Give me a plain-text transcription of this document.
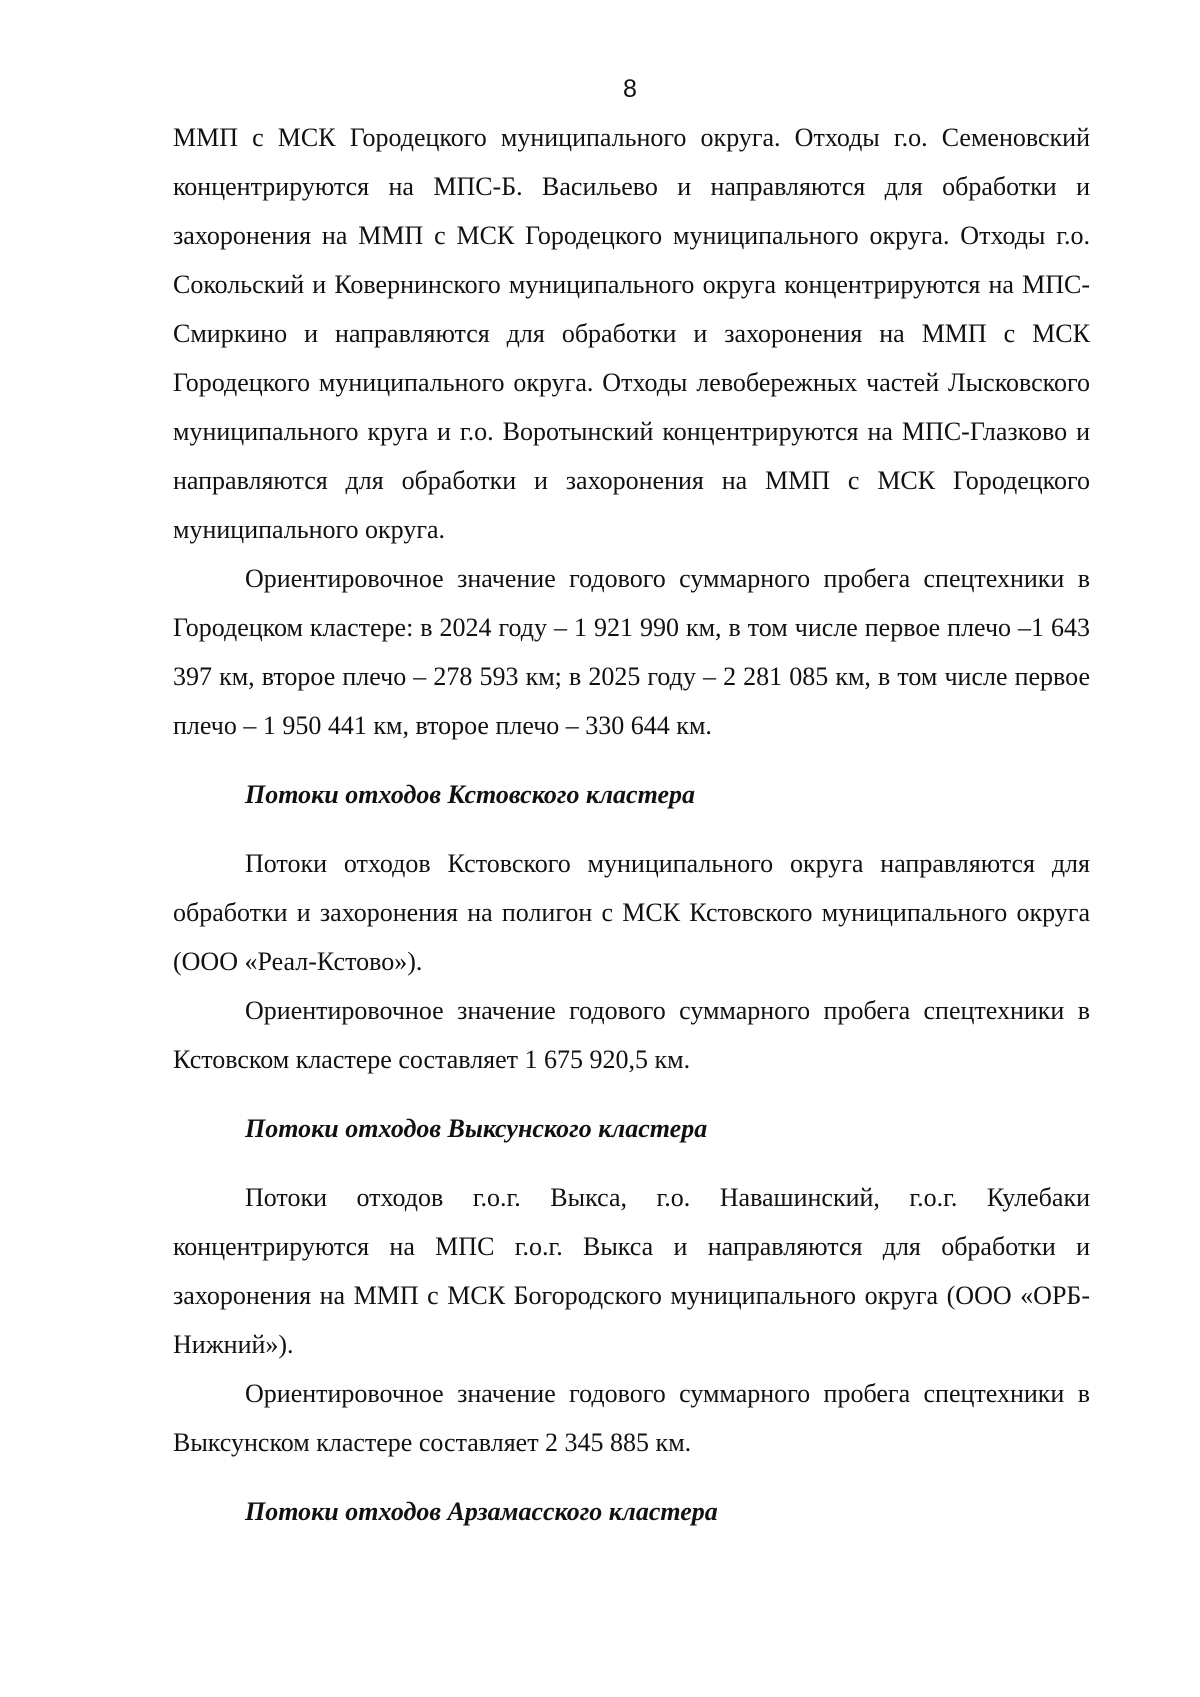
8

ММП с МСК Городецкого муниципального округа. Отходы г.о. Семеновский концентрируются на МПС-Б. Васильево и направляются для обработки и захоронения на ММП с МСК Городецкого муниципального округа. Отходы г.о. Сокольский и Ковернинского муниципального округа концентрируются на МПС-Смиркино и направляются для обработки и захоронения на ММП с МСК Городецкого муниципального округа. Отходы левобережных частей Лысковского муниципального круга и г.о. Воротынский концентрируются на МПС-Глазково и направляются для обработки и захоронения на ММП с МСК Городецкого муниципального округа.

Ориентировочное значение годового суммарного пробега спецтехники в Городецком кластере: в 2024 году – 1 921 990 км, в том числе первое плечо –1 643 397 км, второе плечо – 278 593 км; в 2025 году – 2 281 085 км, в том числе первое плечо – 1 950 441 км, второе плечо – 330 644 км.

Потоки отходов Кстовского кластера

Потоки отходов Кстовского муниципального округа направляются для обработки и захоронения на полигон с МСК Кстовского муниципального округа (ООО «Реал-Кстово»).

Ориентировочное значение годового суммарного пробега спецтехники в Кстовском кластере составляет 1 675 920,5 км.

Потоки отходов Выксунского кластера

Потоки отходов г.о.г. Выкса, г.о. Навашинский, г.о.г. Кулебаки концентрируются на МПС г.о.г. Выкса и направляются для обработки и захоронения на ММП с МСК Богородского муниципального округа (ООО «ОРБ-Нижний»).

Ориентировочное значение годового суммарного пробега спецтехники в Выксунском кластере составляет 2 345 885 км.

Потоки отходов Арзамасского кластера
